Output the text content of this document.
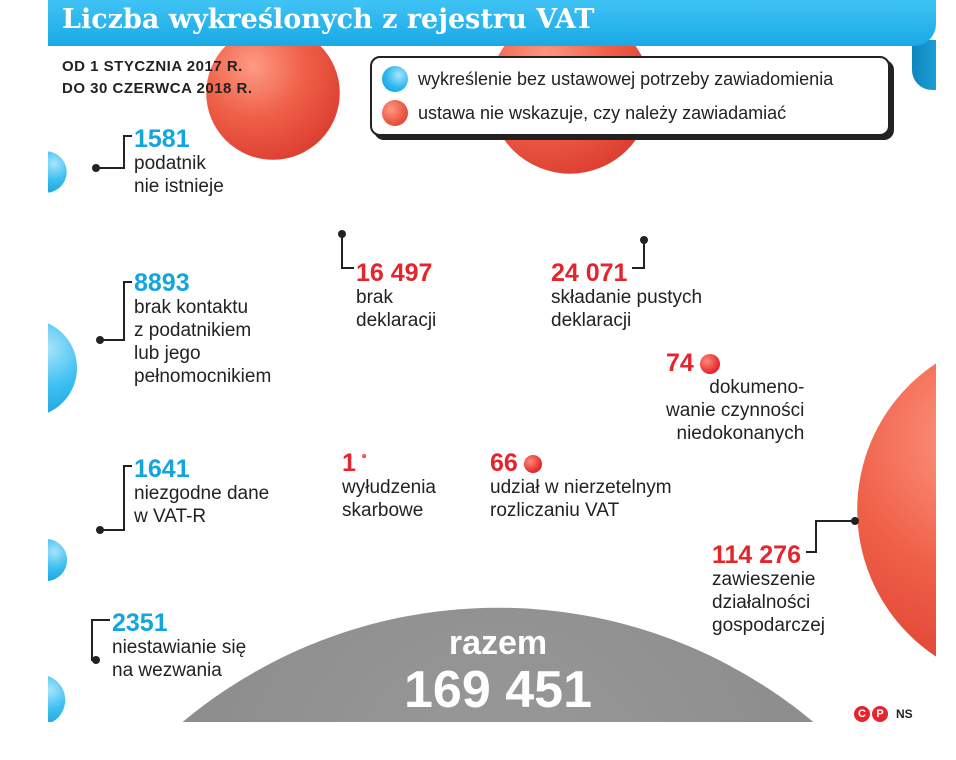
Liczba wykreślonych z rejestru VAT
OD 1 STYCZNIA 2017 R.
DO 30 CZERWCA 2018 R.	wykreślenie bez ustawowej potrzeby zawiadomienia
ustawa nie wskazuje, czy należy zawiadamiać
1581
podatnik
nie istnieje
8893
brak kontaktu
z podatnikiem
lub jego
pełnomocnikiem
1641
niezgodne dane
w VAT-R
2351
niestawianie się
na wezwania
16 497
brak
deklaracji
24 071
składanie pustych
deklaracji
74
dokumeno-
wanie czynności
niedokonanych
1
wyłudzenia
skarbowe
66
udział w nierzetelnym
rozliczaniu VAT
114 276
zawieszenie
działalności
gospodarczej
razem
169 451	C P	NS
